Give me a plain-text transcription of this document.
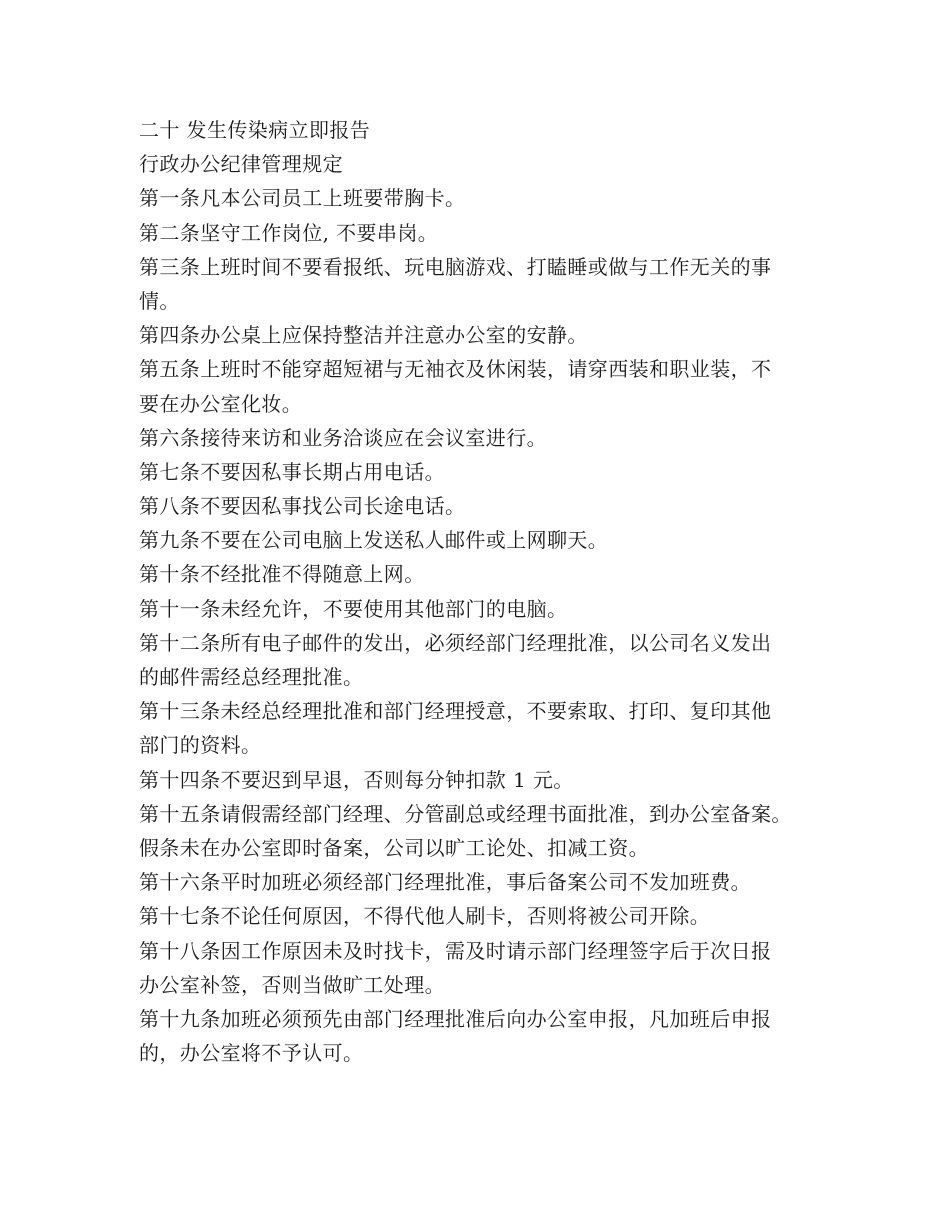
二十 发生传染病立即报告

行政办公纪律管理规定

第一条凡本公司员工上班要带胸卡。

第二条坚守工作岗位, 不要串岗。

第三条上班时间不要看报纸、玩电脑游戏、打瞌睡或做与工作无关的事

情。

第四条办公桌上应保持整洁并注意办公室的安静。

第五条上班时不能穿超短裙与无袖衣及休闲装，请穿西装和职业装，不

要在办公室化妆。

第六条接待来访和业务洽谈应在会议室进行。

第七条不要因私事长期占用电话。

第八条不要因私事找公司长途电话。

第九条不要在公司电脑上发送私人邮件或上网聊天。

第十条不经批准不得随意上网。

第十一条未经允许，不要使用其他部门的电脑。

第十二条所有电子邮件的发出，必须经部门经理批准，以公司名义发出

的邮件需经总经理批准。

第十三条未经总经理批准和部门经理授意，不要索取、打印、复印其他

部门的资料。

第十四条不要迟到早退，否则每分钟扣款 1 元。

第十五条请假需经部门经理、分管副总或经理书面批准，到办公室备案。

假条未在办公室即时备案，公司以旷工论处、扣减工资。

第十六条平时加班必须经部门经理批准，事后备案公司不发加班费。

第十七条不论任何原因，不得代他人刷卡，否则将被公司开除。

第十八条因工作原因未及时找卡，需及时请示部门经理签字后于次日报

办公室补签，否则当做旷工处理。

第十九条加班必须预先由部门经理批准后向办公室申报，凡加班后申报

的，办公室将不予认可。
